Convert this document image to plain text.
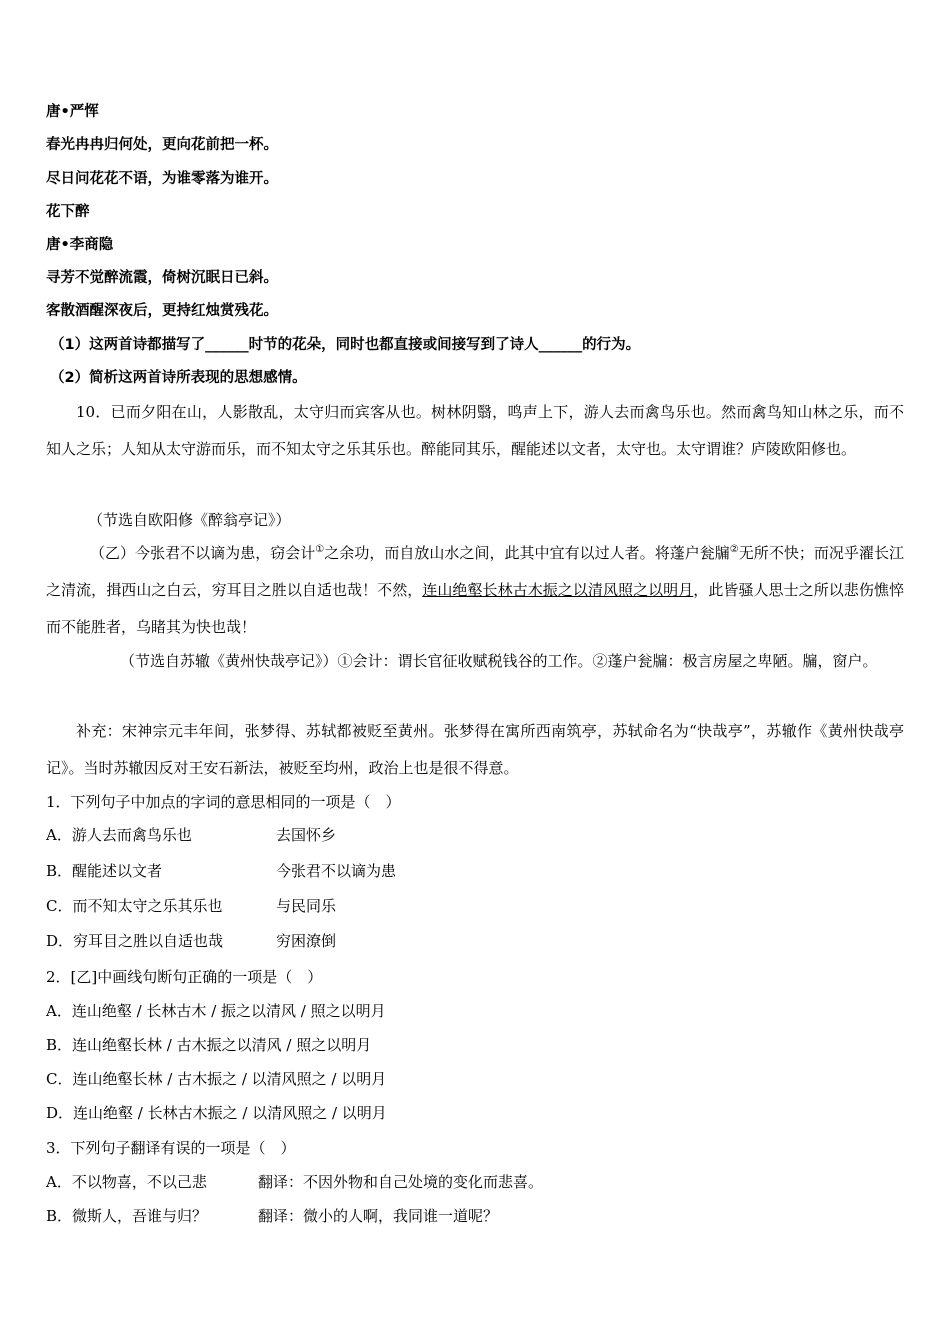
唐•严恽
春光冉冉归何处，更向花前把一杯。
尽日问花花不语，为谁零落为谁开。
花下醉
唐•李商隐
寻芳不觉醉流霞，倚树沉眠日已斜。
客散酒醒深夜后，更持红烛赏残花。
（1）这两首诗都描写了______时节的花朵，同时也都直接或间接写到了诗人______的行为。
（2）简析这两首诗所表现的思想感情。
10．已而夕阳在山，人影散乱，太守归而宾客从也。树林阴翳，鸣声上下，游人去而禽鸟乐也。然而禽鸟知山林之乐，而不知人之乐；人知从太守游而乐，而不知太守之乐其乐也。醉能同其乐，醒能述以文者，太守也。太守谓谁？庐陵欧阳修也。
（节选自欧阳修《醉翁亭记》）
（乙）今张君不以谪为患，窃会计①之余功，而自放山水之间，此其中宜有以过人者。将蓬户瓮牖②无所不快；而况乎濯长江之清流，揖西山之白云，穷耳目之胜以自适也哉！不然，连山绝壑长林古木振之以清风照之以明月，此皆骚人思士之所以悲伤憔悴而不能胜者，乌睹其为快也哉！
（节选自苏辙《黄州快哉亭记》）①会计：谓长官征收赋税钱谷的工作。②蓬户瓮牖：极言房屋之卑陋。牖，窗户。
补充：宋神宗元丰年间，张梦得、苏轼都被贬至黄州。张梦得在寓所西南筑亭，苏轼命名为“快哉亭”，苏辙作《黄州快哉亭记》。当时苏辙因反对王安石新法，被贬至均州，政治上也是很不得意。
1．下列句子中加点的字词的意思相同的一项是（　）
A．游人去而禽鸟乐也	去国怀乡
B．醒能述以文者	今张君不以谪为患
C．而不知太守之乐其乐也	与民同乐
D．穷耳目之胜以自适也哉	穷困潦倒
2．[乙]中画线句断句正确的一项是（　）
A．连山绝壑 / 长林古木 / 振之以清风 / 照之以明月
B．连山绝壑长林 / 古木振之以清风 / 照之以明月
C．连山绝壑长林 / 古木振之 / 以清风照之 / 以明月
D．连山绝壑 / 长林古木振之 / 以清风照之 / 以明月
3．下列句子翻译有误的一项是（　）
A．不以物喜，不以己悲	翻译：不因外物和自己处境的变化而悲喜。
B．微斯人，吾谁与归？	翻译：微小的人啊，我同谁一道呢？
